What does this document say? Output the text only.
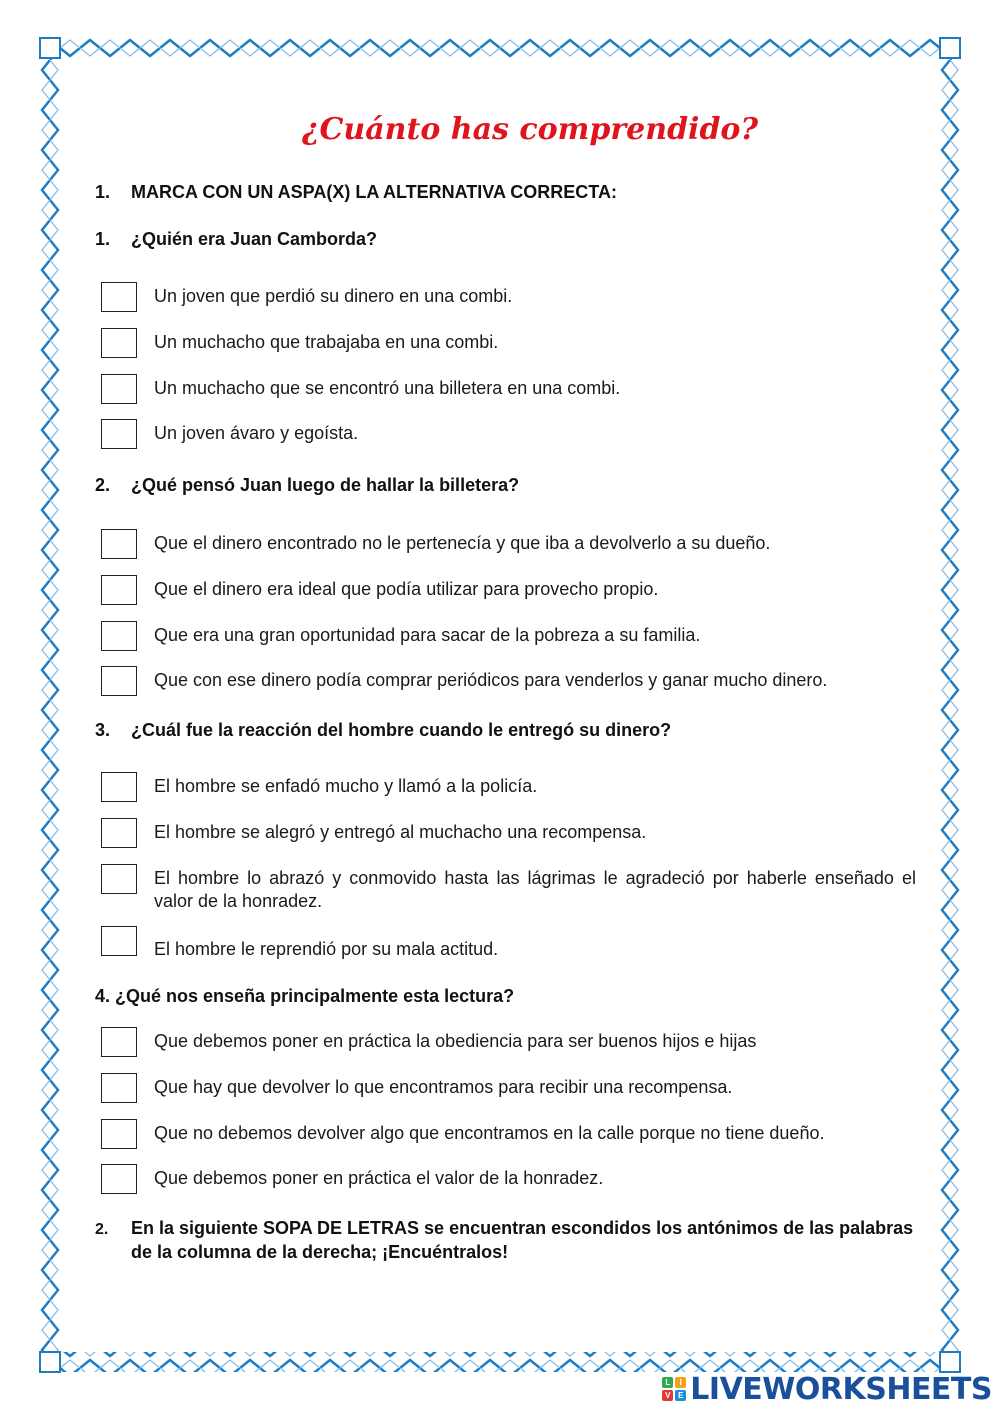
¿Cuánto has comprendido?
1. MARCA CON UN ASPA(X) LA ALTERNATIVA CORRECTA:
1. ¿Quién era Juan Camborda?
Un joven que perdió su dinero en una combi.
Un muchacho que trabajaba en una combi.
Un muchacho que se encontró una billetera en una combi.
Un joven ávaro y egoísta.
2. ¿Qué pensó Juan luego de hallar la billetera?
Que el dinero encontrado no le pertenecía y que iba a devolverlo a su dueño.
Que el dinero era ideal que podía utilizar para provecho propio.
Que era una gran oportunidad para sacar de la pobreza a su familia.
Que con ese dinero podía comprar periódicos para venderlos y ganar mucho dinero.
3. ¿Cuál fue la reacción del hombre cuando le entregó su dinero?
El hombre se enfadó mucho y llamó a la policía.
El hombre se alegró y entregó al muchacho una recompensa.
El hombre lo abrazó y conmovido hasta las lágrimas le agradeció por haberle enseñado el valor de la honradez.
El hombre le reprendió por su mala actitud.
4. ¿Qué nos enseña principalmente esta lectura?
Que debemos poner en práctica la obediencia para ser buenos hijos e hijas
Que hay que devolver lo que encontramos para recibir una recompensa.
Que no debemos devolver algo que encontramos en la calle porque no tiene dueño.
Que debemos poner en práctica el valor de la honradez.
2. En la siguiente SOPA DE LETRAS se encuentran escondidos los antónimos de las palabras de la columna de la derecha; ¡Encuéntralos!
L	I
V E LIVEWORKSHEETS
